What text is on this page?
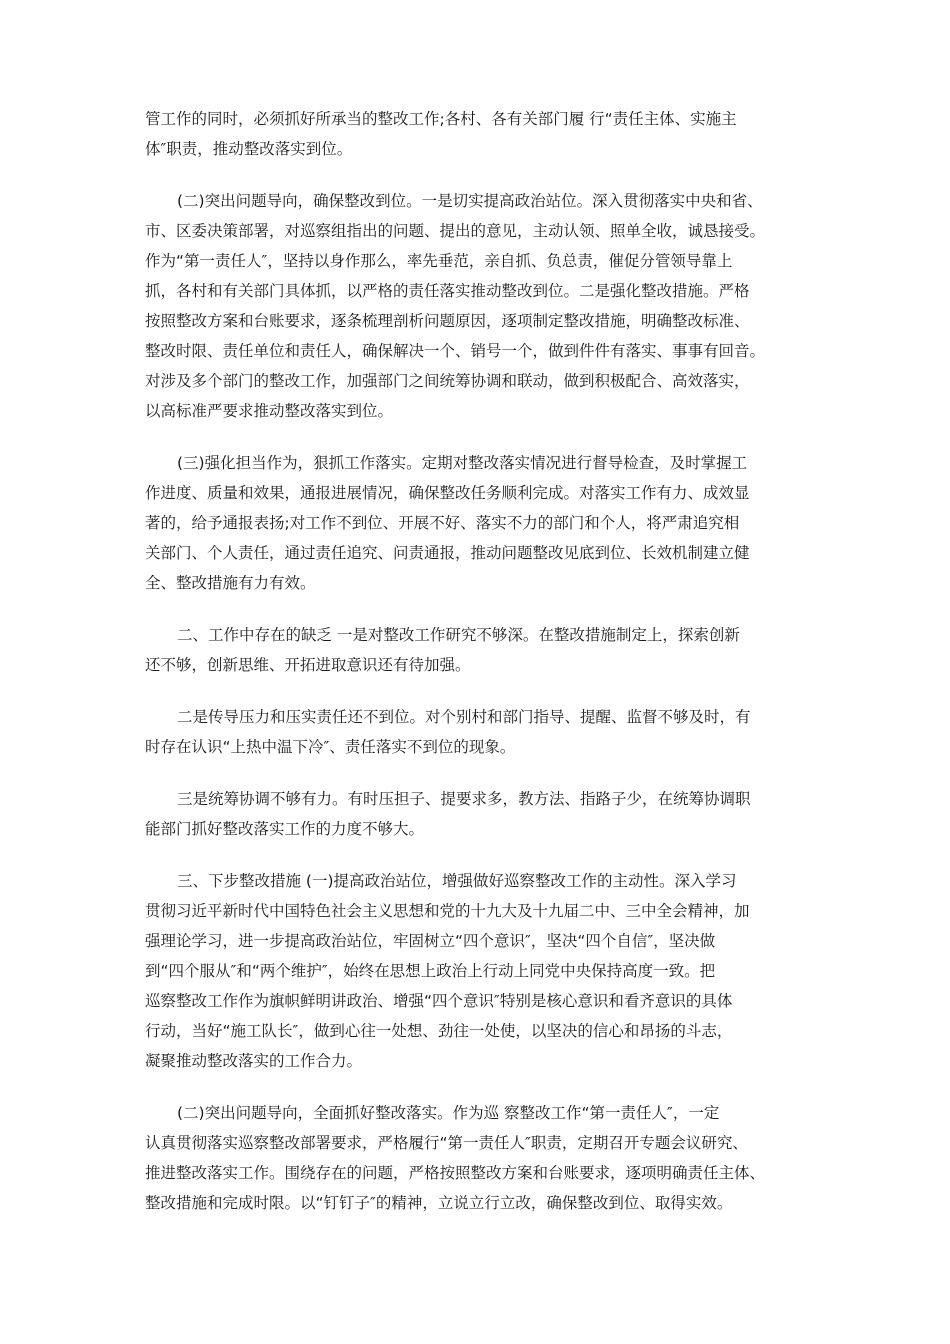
管工作的同时，必须抓好所承当的整改工作;各村、各有关部门履 行“责任主体、实施主
体″职责，推动整改落实到位。
(二)突出问题导向，确保整改到位。一是切实提高政治站位。深入贯彻落实中央和省、
市、区委决策部署，对巡察组指出的问题、提出的意见，主动认领、照单全收，诚恳接受。
作为“第一责任人″，坚持以身作那么，率先垂范，亲自抓、负总责，催促分管领导靠上
抓，各村和有关部门具体抓，以严格的责任落实推动整改到位。二是强化整改措施。严格
按照整改方案和台账要求，逐条梳理剖析问题原因，逐项制定整改措施，明确整改标准、
整改时限、责任单位和责任人，确保解决一个、销号一个，做到件件有落实、事事有回音。
对涉及多个部门的整改工作，加强部门之间统筹协调和联动，做到积极配合、高效落实，
以高标准严要求推动整改落实到位。
(三)强化担当作为，狠抓工作落实。定期对整改落实情况进行督导检查，及时掌握工
作进度、质量和效果，通报进展情况，确保整改任务顺利完成。对落实工作有力、成效显
著的，给予通报表扬;对工作不到位、开展不好、落实不力的部门和个人，将严肃追究相
关部门、个人责任，通过责任追究、问责通报，推动问题整改见底到位、长效机制建立健
全、整改措施有力有效。
二、工作中存在的缺乏 一是对整改工作研究不够深。在整改措施制定上，探索创新
还不够，创新思维、开拓进取意识还有待加强。
二是传导压力和压实责任还不到位。对个别村和部门指导、提醒、监督不够及时，有
时存在认识“上热中温下冷″、责任落实不到位的现象。
三是统筹协调不够有力。有时压担子、提要求多，教方法、指路子少，在统筹协调职
能部门抓好整改落实工作的力度不够大。
三、下步整改措施 (一)提高政治站位，增强做好巡察整改工作的主动性。深入学习
贯彻习近平新时代中国特色社会主义思想和党的十九大及十九届二中、三中全会精神，加
强理论学习，进一步提高政治站位，牢固树立“四个意识″，坚决“四个自信″，坚决做
到“四个服从″和“两个维护″，始终在思想上政治上行动上同党中央保持高度一致。把
巡察整改工作作为旗帜鲜明讲政治、增强“四个意识″特别是核心意识和看齐意识的具体
行动，当好“施工队长″，做到心往一处想、劲往一处使，以坚决的信心和昂扬的斗志，
凝聚推动整改落实的工作合力。
(二)突出问题导向，全面抓好整改落实。作为巡 察整改工作“第一责任人″，一定
认真贯彻落实巡察整改部署要求，严格履行“第一责任人″职责，定期召开专题会议研究、
推进整改落实工作。围绕存在的问题，严格按照整改方案和台账要求，逐项明确责任主体、
整改措施和完成时限。以“钉钉子″的精神，立说立行立改，确保整改到位、取得实效。
